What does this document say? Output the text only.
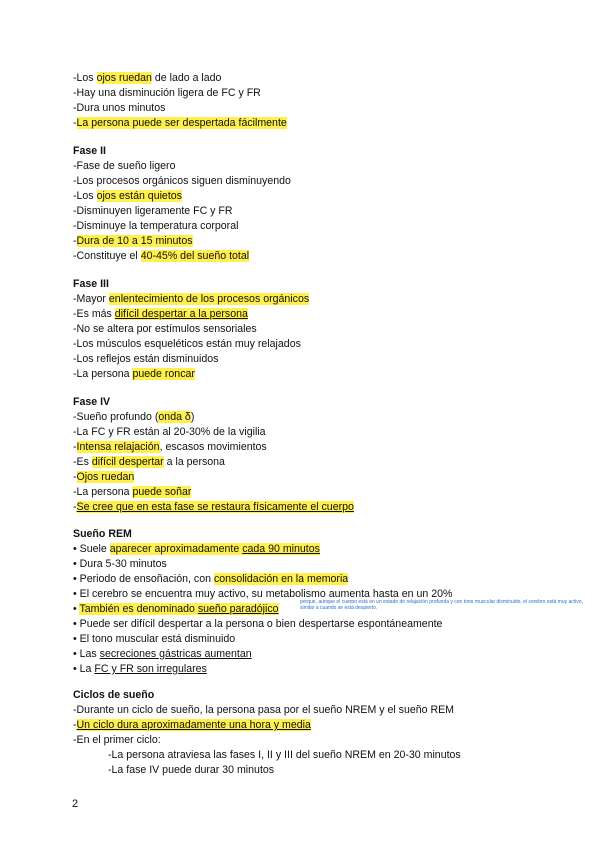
-Los ojos ruedan de lado a lado
-Hay una disminución ligera de FC y FR
-Dura unos minutos
-La persona puede ser despertada fácilmente
Fase II
-Fase de sueño ligero
-Los procesos orgánicos siguen disminuyendo
-Los ojos están quietos
-Disminuyen ligeramente FC y FR
-Disminuye la temperatura corporal
-Dura de 10 a 15 minutos
-Constituye el 40-45% del sueño total
Fase III
-Mayor enlentecimiento de los procesos orgánicos
-Es más difícil despertar a la persona
-No se altera por estímulos sensoriales
-Los músculos esqueléticos están muy relajados
-Los reflejos están disminuidos
-La persona puede roncar
Fase IV
-Sueño profundo (onda δ)
-La FC y FR están al 20-30% de la vigilia
-Intensa relajación, escasos movimientos
-Es difícil despertar a la persona
-Ojos ruedan
-La persona puede soñar
-Se cree que en esta fase se restaura físicamente el cuerpo
Sueño REM
• Suele aparecer aproximadamente cada 90 minutos
• Dura 5-30 minutos
• Periodo de ensoñación, con consolidación en la memoria
• El cerebro se encuentra muy activo, su metabolismo aumenta hasta en un 20%
• También es denominado sueño paradójico
• Puede ser difícil despertar a la persona o bien despertarse espontáneamente
• El tono muscular está disminuido
• Las secreciones gástricas aumentan
• La FC y FR son irregulares
Ciclos de sueño
-Durante un ciclo de sueño, la persona pasa por el sueño NREM y el sueño REM
-Un ciclo dura aproximadamente una hora y media
-En el primer ciclo:
-La persona atraviesa las fases I, II y III del sueño NREM en 20-30 minutos
-La fase IV puede durar 30 minutos
porque, aunque el cuerpo está en un estado de relajación profunda y con tono muscular disminuido, el cerebro está muy activo, similar a cuando se está despierto.
2
